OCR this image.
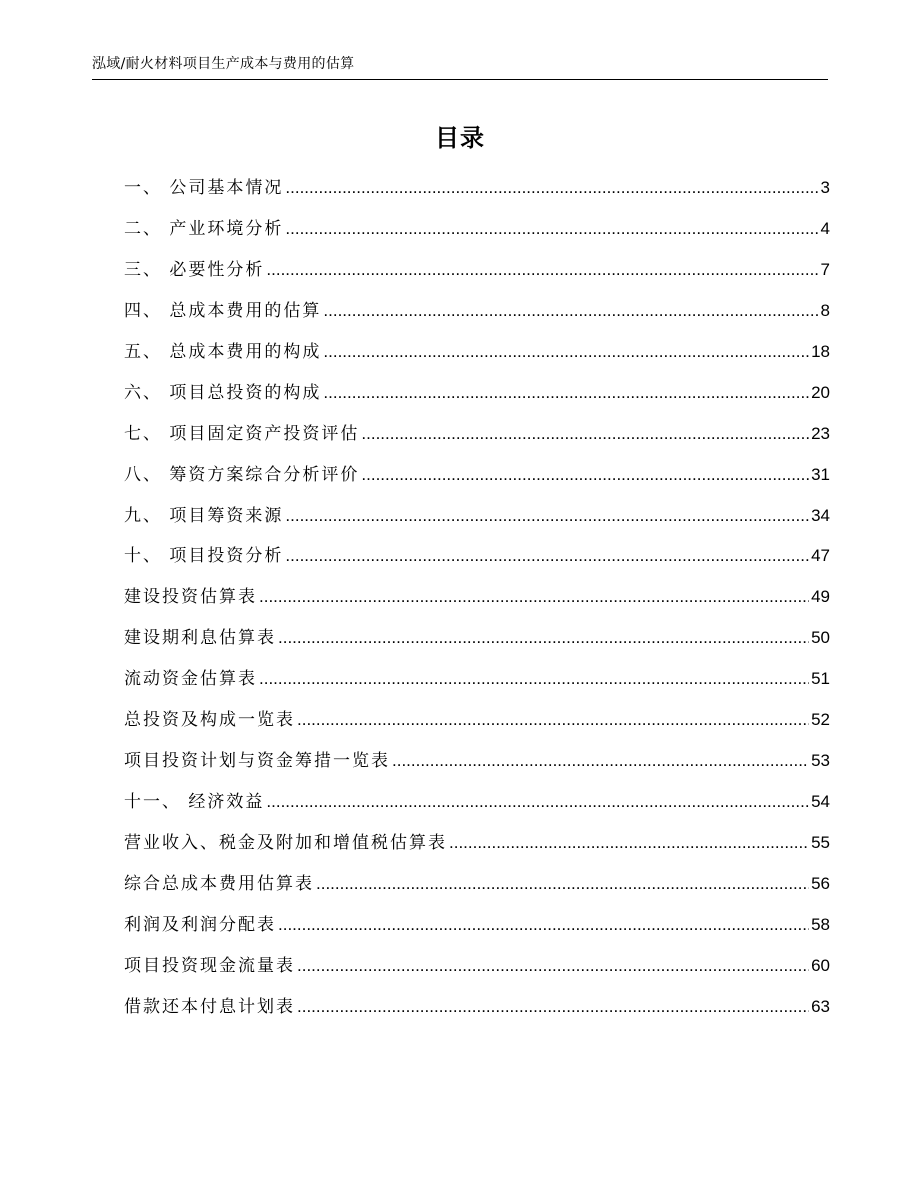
泓域/耐火材料项目生产成本与费用的估算
目录
一、 公司基本情况 .....	3
二、 产业环境分析 .....	4
三、 必要性分析 .....	7
四、 总成本费用的估算 .....	8
五、 总成本费用的构成 .....	18
六、 项目总投资的构成 .....	20
七、 项目固定资产投资评估 .....	23
八、 筹资方案综合分析评价 .....	31
九、 项目筹资来源 .....	34
十、 项目投资分析 .....	47
建设投资估算表 .....	49
建设期利息估算表 .....	50
流动资金估算表 .....	51
总投资及构成一览表 .....	52
项目投资计划与资金筹措一览表 .....	53
十一、 经济效益 .....	54
营业收入、税金及附加和增值税估算表 .....	55
综合总成本费用估算表 .....	56
利润及利润分配表 .....	58
项目投资现金流量表 .....	60
借款还本付息计划表 .....	63
